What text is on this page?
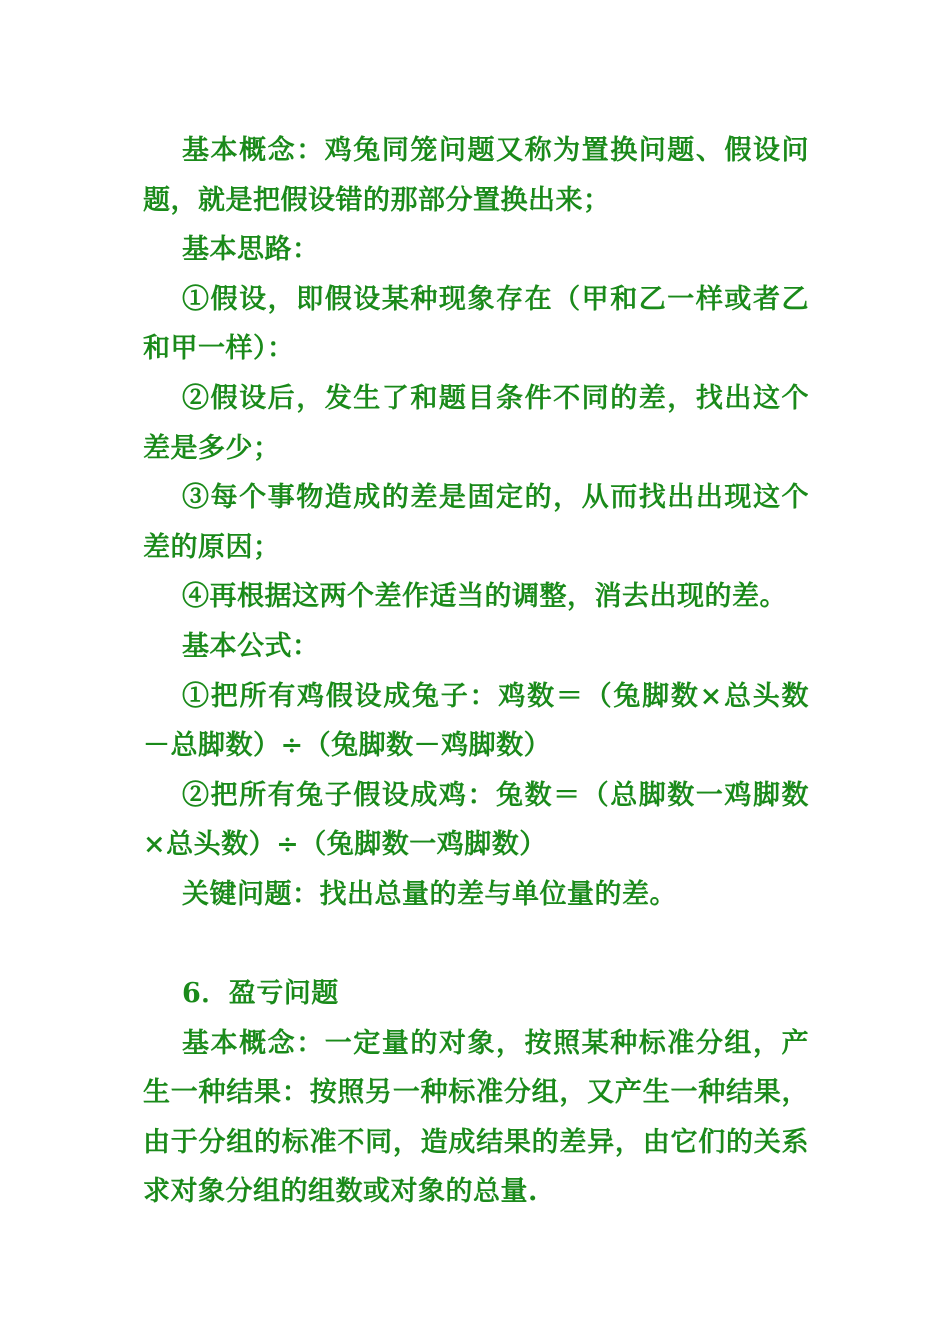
基本概念：鸡兔同笼问题又称为置换问题、假设问题，就是把假设错的那部分置换出来；

基本思路：

①假设，即假设某种现象存在（甲和乙一样或者乙和甲一样）：

②假设后，发生了和题目条件不同的差，找出这个差是多少；

③每个事物造成的差是固定的，从而找出出现这个差的原因；

④再根据这两个差作适当的调整，消去出现的差。

基本公式：

①把所有鸡假设成兔子：鸡数＝（兔脚数×总头数－总脚数）÷（兔脚数－鸡脚数）

②把所有兔子假设成鸡：兔数＝（总脚数一鸡脚数×总头数）÷（兔脚数一鸡脚数）

关键问题：找出总量的差与单位量的差。

6．盈亏问题

基本概念：一定量的对象，按照某种标准分组，产生一种结果：按照另一种标准分组，又产生一种结果，由于分组的标准不同，造成结果的差异，由它们的关系求对象分组的组数或对象的总量.
